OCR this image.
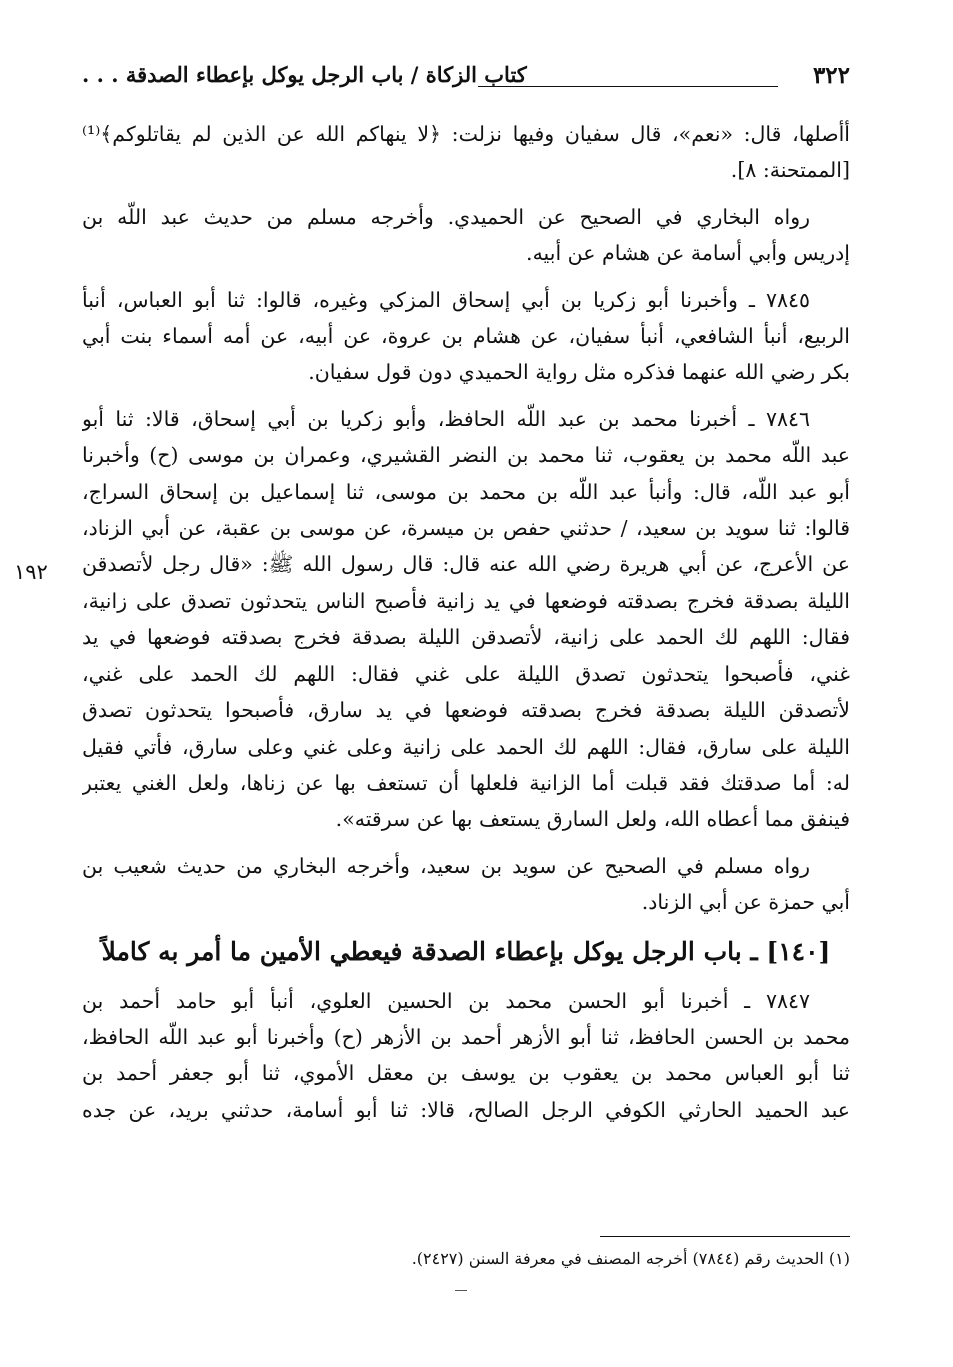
٣٢٢
كتاب الزكاة / باب الرجل يوكل بإعطاء الصدقة . . .
١٩٢
أأصلها، قال: «نعم»، قال سفيان وفيها نزلت: ﴿لا ينهاكم الله عن الذين لم يقاتلوكم﴾⁽¹⁾
[الممتحنة: ٨].
رواه البخاري في الصحيح عن الحميدي. وأخرجه مسلم من حديث عبد اللّه بن
إدريس وأبي أسامة عن هشام عن أبيه.
٧٨٤٥ ـ وأخبرنا أبو زكريا بن أبي إسحاق المزكي وغيره، قالوا: ثنا أبو العباس، أنبأ
الربيع، أنبأ الشافعي، أنبأ سفيان، عن هشام بن عروة، عن أبيه، عن أمه أسماء بنت أبي
بكر رضي الله عنهما فذكره مثل رواية الحميدي دون قول سفيان.
٧٨٤٦ ـ أخبرنا محمد بن عبد اللّه الحافظ، وأبو زكريا بن أبي إسحاق، قالا: ثنا أبو
عبد اللّه محمد بن يعقوب، ثنا محمد بن النضر القشيري، وعمران بن موسى (ح) وأخبرنا
أبو عبد اللّه، قال: وأنبأ عبد اللّه بن محمد بن موسى، ثنا إسماعيل بن إسحاق السراج،
قالوا: ثنا سويد بن سعيد، / حدثني حفص بن ميسرة، عن موسى بن عقبة، عن أبي الزناد،
عن الأعرج، عن أبي هريرة رضي الله عنه قال: قال رسول الله ﷺ: «قال رجل لأتصدقن
الليلة بصدقة فخرج بصدقته فوضعها في يد زانية فأصبح الناس يتحدثون تصدق على زانية،
فقال: اللهم لك الحمد على زانية، لأتصدقن الليلة بصدقة فخرج بصدقته فوضعها في يد
غني، فأصبحوا يتحدثون تصدق الليلة على غني فقال: اللهم لك الحمد على غني،
لأتصدقن الليلة بصدقة فخرج بصدقته فوضعها في يد سارق، فأصبحوا يتحدثون تصدق
الليلة على سارق، فقال: اللهم لك الحمد على زانية وعلى غني وعلى سارق، فأتي فقيل
له: أما صدقتك فقد قبلت أما الزانية فلعلها أن تستعف بها عن زناها، ولعل الغني يعتبر
فينفق مما أعطاه الله، ولعل السارق يستعف بها عن سرقته».
رواه مسلم في الصحيح عن سويد بن سعيد، وأخرجه البخاري من حديث شعيب بن
أبي حمزة عن أبي الزناد.
[١٤٠] ـ باب الرجل يوكل بإعطاء الصدقة فيعطي الأمين ما أمر به كاملاً
٧٨٤٧ ـ أخبرنا أبو الحسن محمد بن الحسين العلوي، أنبأ أبو حامد أحمد بن
محمد بن الحسن الحافظ، ثنا أبو الأزهر أحمد بن الأزهر (ح) وأخبرنا أبو عبد اللّه الحافظ،
ثنا أبو العباس محمد بن يعقوب بن يوسف بن معقل الأموي، ثنا أبو جعفر أحمد بن
عبد الحميد الحارثي الكوفي الرجل الصالح، قالا: ثنا أبو أسامة، حدثني بريد، عن جده
(١) الحديث رقم (٧٨٤٤) أخرجه المصنف في معرفة السنن (٢٤٢٧).
